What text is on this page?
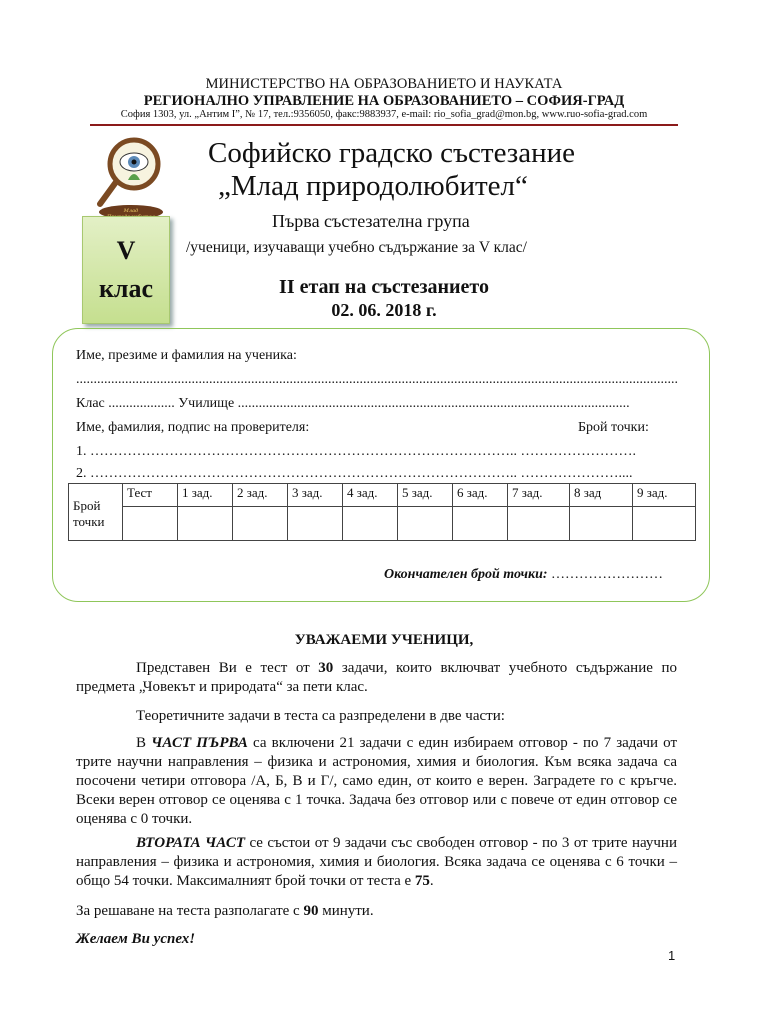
МИНИСТЕРСТВО НА ОБРАЗОВАНИЕТО И НАУКАТА
РЕГИОНАЛНО УПРАВЛЕНИЕ НА ОБРАЗОВАНИЕТО – СОФИЯ-ГРАД
София 1303, ул. „Антим I”, № 17, тел.:9356050, факс:9883937, e-mail: rio_sofia_grad@mon.bg, www.ruo-sofia-grad.com
Млад
Софийско градско състезание
„Млад природолюбител“
Първа състезателна група
/ученици, изучаващи учебно съдържание за V клас/
V
клас	II етап на състезанието
02. 06. 2018 г.
Име, презиме и фамилия на ученика:
............................................................................................................................................................................
Клас ................... Училище ................................................................................................................
Име, фамилия, подпис на проверителя:	Брой точки:
1. ……………………………………………………………………………….. …………………….
2. ……………………………………………………………………………….. …………………....
Брой точки	Тест	1 зад.	2 зад.	3 зад.	4 зад.	5 зад.	6 зад.	7 зад.	8 зад	9 зад.

Окончателен брой точки: ……………………
УВАЖАЕМИ УЧЕНИЦИ,
Представен Ви е тест от 30 задачи, които включват учебното съдържание по предмета „Човекът и природата“ за пети клас.
Теоретичните задачи в теста са разпределени в две части:
В ЧАСТ ПЪРВА са включени 21 задачи с един избираем отговор - по 7 задачи от трите научни направления – физика и астрономия, химия и биология. Към всяка задача са посочени четири отговора /А, Б, В и Г/, само един, от които е верен. Заградете го с кръгче. Всеки верен отговор се оценява с 1 точка. Задача без отговор или с повече от един отговор се оценява с 0 точки.
ВТОРАТА ЧАСТ се състои от 9 задачи със свободен отговор - по 3 от трите научни направления – физика и астрономия, химия и биология. Всяка задача се оценява с 6 точки – общо 54 точки. Максималният брой точки от теста е 75.
За решаване на теста разполагате с 90 минути.
Желаем Ви успех!
1
